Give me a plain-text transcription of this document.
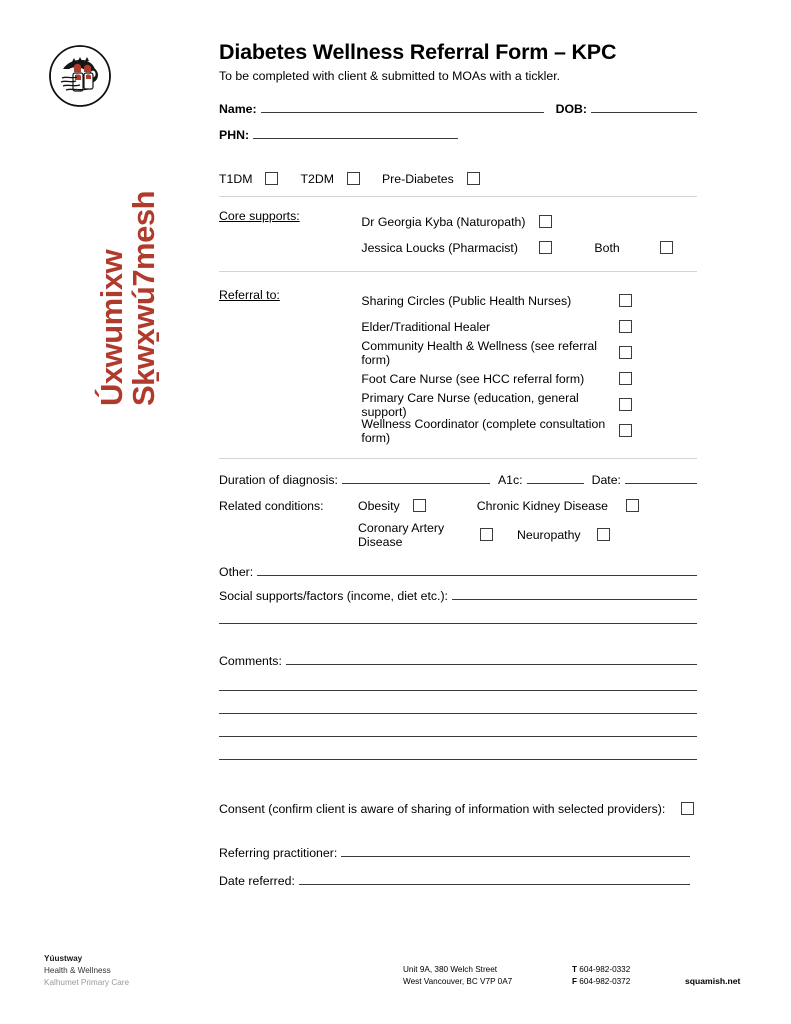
Sḵwx̱wú7mesh
Úxwumixw
Diabetes Wellness Referral Form – KPC

To be completed with client & submitted to MOAs with a tickler.

Name:	DOB:
PHN:
T1DM	T2DM	Pre-Diabetes
Core supports:	Dr Georgia Kyba (Naturopath)
Jessica Loucks (Pharmacist)	Both
Referral to:	Sharing Circles (Public Health Nurses)
Elder/Traditional Healer
Community Health & Wellness (see referral form)
Foot Care Nurse (see HCC referral form)
Primary Care Nurse (education, general support)
Wellness Coordinator (complete consultation form)
Duration of diagnosis:	A1c:	Date:
Related conditions:	Obesity	Chronic Kidney Disease
Coronary Artery Disease	Neuropathy
Other:
Social supports/factors (income, diet etc.):
Comments:
Consent (confirm client is aware of sharing of information with selected providers):
Referring practitioner:
Date referred:
Yúustway
Health & Wellness
Kalhumet Primary Care
Unit 9A, 380 Welch Street
West Vancouver, BC V7P 0A7
T 604-982-0332
F 604-982-0372	squamish.net
